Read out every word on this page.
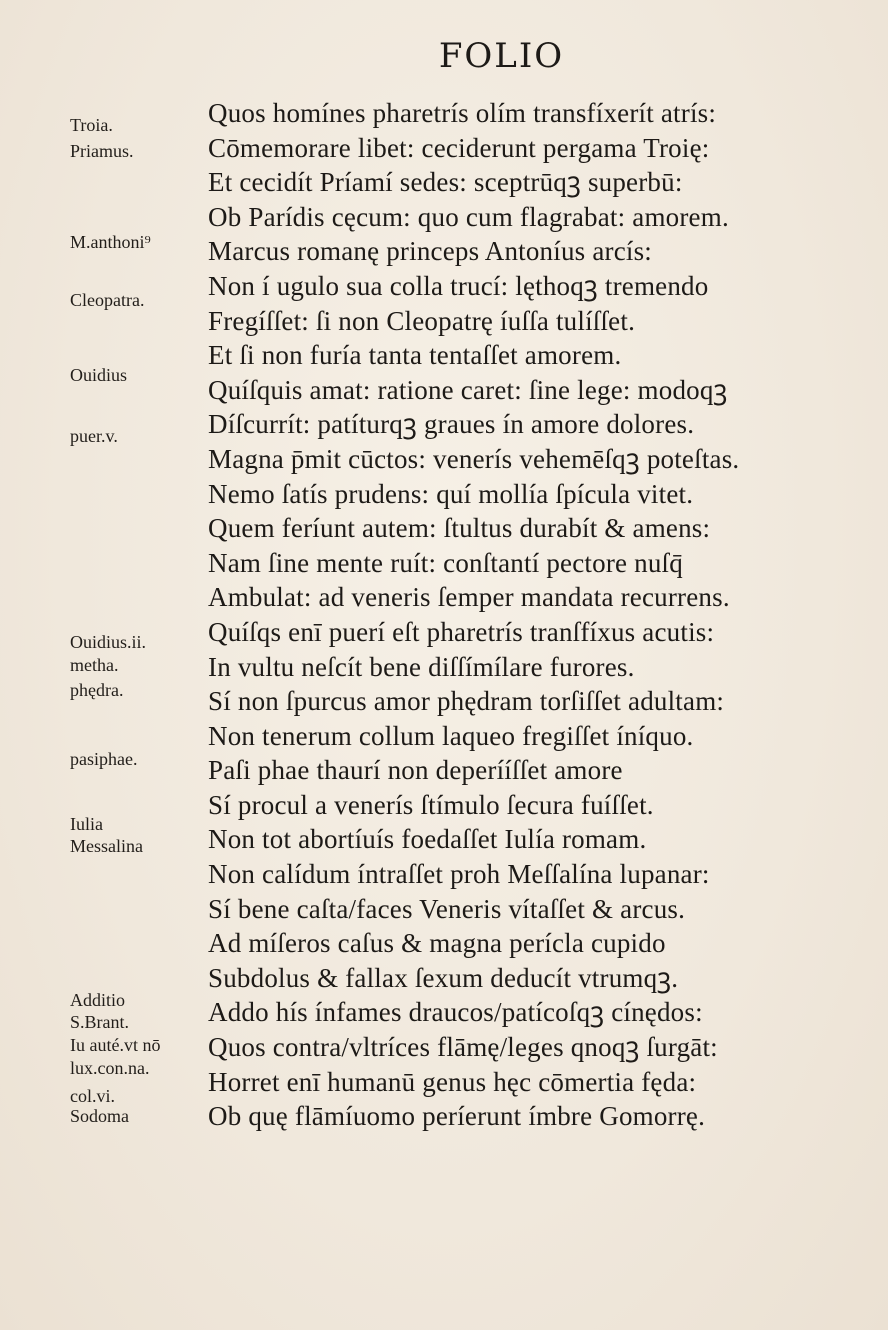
FOLIO
Troia.
Priamus.
M.anthoni⁹
Cleopatra.
Ouidius
puer.v.
Ouidius.ii.
metha.
phędra.
pasiphae.
Iulia
Messalina
Additio
S.Brant.
Iu auté.vt nō
lux.con.na.
col.vi.
Sodoma
Quos homínes pharetrís olím transfíxerít atrís:
Cōmemorare libet: ceciderunt pergama Troię:
Et cecidít Príamí sedes: sceptrūqꝫ superbū:
Ob Parídis cęcum: quo cum flagrabat: amorem.
Marcus romanę princeps Antoníus arcís:
Non í ugulo sua colla trucí: lęthoqꝫ tremendo
Fregíſſet: ſi non Cleopatrę íuſſa tulíſſet.
Et ſi non furía tanta tentaſſet amorem.
Quíſquis amat: ratione caret: ſine lege: modoqꝫ
Díſcurrít: patíturqꝫ graues ín amore dolores.
Magna p̄mit cūctos: venerís vehemēſqꝫ poteſtas.
Nemo ſatís prudens: quí mollía ſpícula vitet.
Quem feríunt autem: ſtultus durabít & amens:
Nam ſine mente ruít: conſtantí pectore nuſq̄
Ambulat: ad veneris ſemper mandata recurrens.
Quíſqs enī puerí eſt pharetrís tranſfíxus acutis:
In vultu neſcít bene diſſímílare furores.
Sí non ſpurcus amor phędram torſiſſet adultam:
Non tenerum collum laqueo fregiſſet íníquo.
Paſi phae thaurí non deperííſſet amore
Sí procul a venerís ſtímulo ſecura fuíſſet.
Non tot abortíuís foedaſſet Iulía romam.
Non calídum íntraſſet proh Meſſalína lupanar:
Sí bene caſta/faces Veneris vítaſſet & arcus.
Ad míſeros caſus & magna perícla cupido
Subdolus & fallax ſexum deducít vtrumqꝫ.
Addo hís ínfames draucos/patícoſqꝫ cínędos:
Quos contra/vltríces flāmę/leges qnoqꝫ ſurgāt:
Horret enī humanū genus hęc cōmertia fęda:
Ob quę flāmíuomo períerunt ímbre Gomorrę.
